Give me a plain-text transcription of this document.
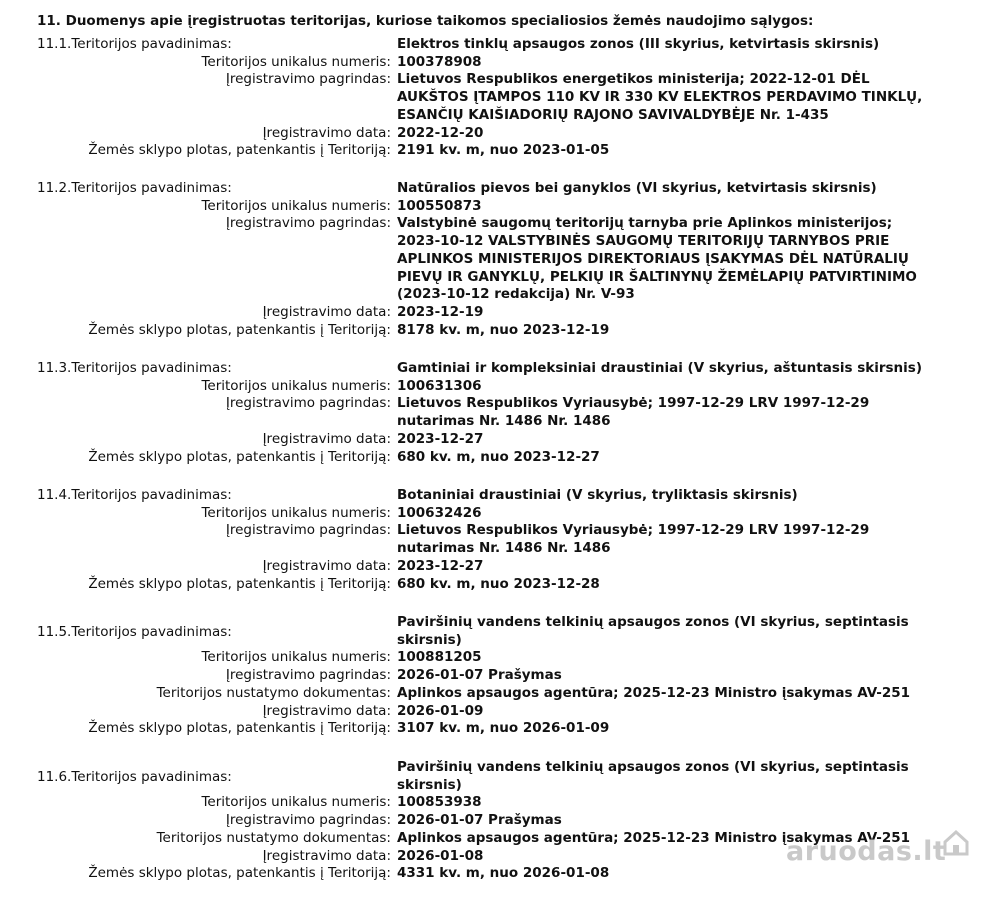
11. Duomenys apie įregistruotas teritorijas, kuriose taikomos specialiosios žemės naudojimo sąlygos:
11.1.Teritorijos pavadinimas:	Elektros tinklų apsaugos zonos (III skyrius, ketvirtasis skirsnis)
Teritorijos unikalus numeris: 100378908
Įregistravimo pagrindas: Lietuvos Respublikos energetikos ministerija; 2022-12-01 DĖL
AUKŠTOS ĮTAMPOS 110 KV IR 330 KV ELEKTROS PERDAVIMO TINKLŲ,
ESANČIŲ KAIŠIADORIŲ RAJONO SAVIVALDYBĖJE Nr. 1-435
Įregistravimo data: 2022-12-20
Žemės sklypo plotas, patenkantis į Teritoriją: 2191 kv. m, nuo 2023-01-05
11.2.Teritorijos pavadinimas:	Natūralios pievos bei ganyklos (VI skyrius, ketvirtasis skirsnis)
Teritorijos unikalus numeris: 100550873
Įregistravimo pagrindas: Valstybinė saugomų teritorijų tarnyba prie Aplinkos ministerijos;
2023-10-12 VALSTYBINĖS SAUGOMŲ TERITORIJŲ TARNYBOS PRIE
APLINKOS MINISTERIJOS DIREKTORIAUS ĮSAKYMAS DĖL NATŪRALIŲ
PIEVŲ IR GANYKLŲ, PELKIŲ IR ŠALTINYNŲ ŽEMĖLAPIŲ PATVIRTINIMO
(2023-10-12 redakcija) Nr. V-93
Įregistravimo data: 2023-12-19
Žemės sklypo plotas, patenkantis į Teritoriją: 8178 kv. m, nuo 2023-12-19
11.3.Teritorijos pavadinimas:	Gamtiniai ir kompleksiniai draustiniai (V skyrius, aštuntasis skirsnis)
Teritorijos unikalus numeris: 100631306
Įregistravimo pagrindas: Lietuvos Respublikos Vyriausybė; 1997-12-29 LRV 1997-12-29
nutarimas Nr. 1486 Nr. 1486
Įregistravimo data: 2023-12-27
Žemės sklypo plotas, patenkantis į Teritoriją: 680 kv. m, nuo 2023-12-27
11.4.Teritorijos pavadinimas:	Botaniniai draustiniai (V skyrius, tryliktasis skirsnis)
Teritorijos unikalus numeris: 100632426
Įregistravimo pagrindas: Lietuvos Respublikos Vyriausybė; 1997-12-29 LRV 1997-12-29
nutarimas Nr. 1486 Nr. 1486
Įregistravimo data: 2023-12-27
Žemės sklypo plotas, patenkantis į Teritoriją: 680 kv. m, nuo 2023-12-28
11.5.Teritorijos pavadinimas:
Paviršinių vandens telkinių apsaugos zonos (VI skyrius, septintasis
skirsnis)
Teritorijos unikalus numeris: 100881205
Įregistravimo pagrindas: 2026-01-07 Prašymas
Teritorijos nustatymo dokumentas: Aplinkos apsaugos agentūra; 2025-12-23 Ministro įsakymas AV-251
Įregistravimo data: 2026-01-09
Žemės sklypo plotas, patenkantis į Teritoriją: 3107 kv. m, nuo 2026-01-09
11.6.Teritorijos pavadinimas:
Paviršinių vandens telkinių apsaugos zonos (VI skyrius, septintasis
skirsnis)
Teritorijos unikalus numeris: 100853938
Įregistravimo pagrindas: 2026-01-07 Prašymas
Teritorijos nustatymo dokumentas: Aplinkos apsaugos agentūra; 2025-12-23 Ministro įsakymas AV-251
Įregistravimo data: 2026-01-08
Žemės sklypo plotas, patenkantis į Teritoriją: 4331 kv. m, nuo 2026-01-08
aruodas.lt
